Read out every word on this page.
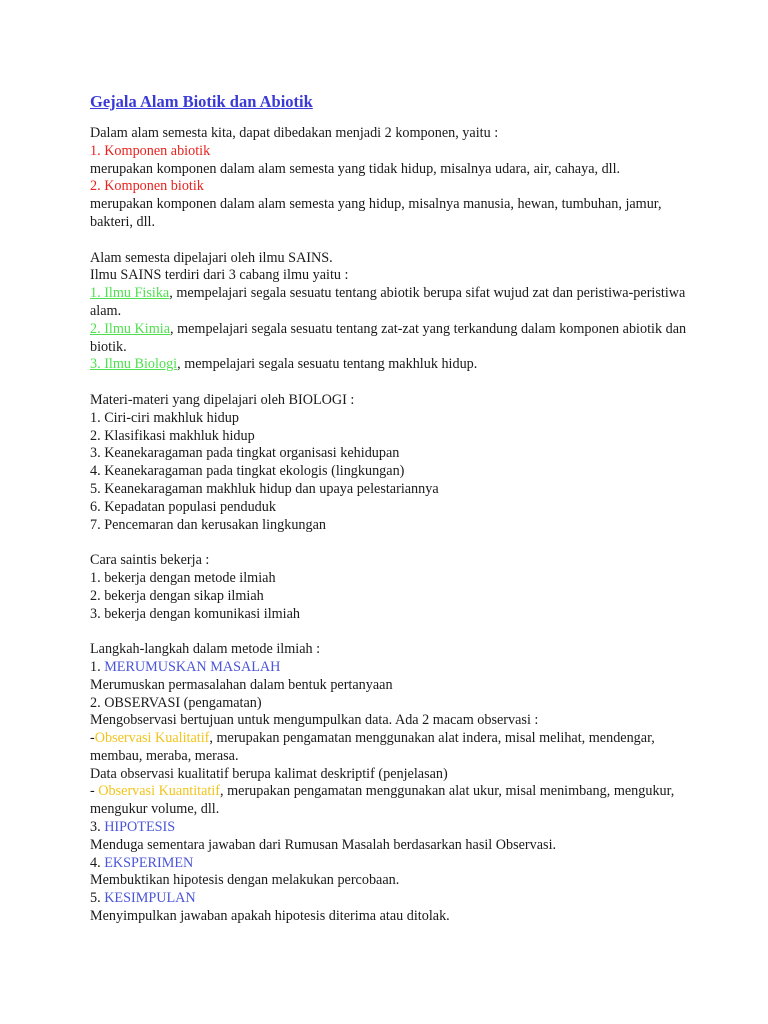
Gejala Alam Biotik dan Abiotik
Dalam alam semesta kita, dapat dibedakan menjadi 2 komponen, yaitu :
1. Komponen abiotik
merupakan komponen dalam alam semesta yang tidak hidup, misalnya udara, air, cahaya, dll.
2. Komponen biotik
merupakan komponen dalam alam semesta yang hidup, misalnya manusia, hewan, tumbuhan, jamur, bakteri, dll.
Alam semesta dipelajari oleh ilmu SAINS.
Ilmu SAINS terdiri dari 3 cabang ilmu yaitu :
1. Ilmu Fisika, mempelajari segala sesuatu tentang abiotik berupa sifat wujud zat dan peristiwa-peristiwa alam.
2. Ilmu Kimia, mempelajari segala sesuatu tentang zat-zat yang terkandung dalam komponen abiotik dan biotik.
3. Ilmu Biologi, mempelajari segala sesuatu tentang makhluk hidup.
Materi-materi yang dipelajari oleh BIOLOGI :
1. Ciri-ciri makhluk hidup
2. Klasifikasi makhluk hidup
3. Keanekaragaman pada tingkat organisasi kehidupan
4. Keanekaragaman pada tingkat ekologis (lingkungan)
5. Keanekaragaman makhluk hidup dan upaya pelestariannya
6. Kepadatan populasi penduduk
7. Pencemaran dan kerusakan lingkungan
Cara saintis bekerja :
1. bekerja dengan metode ilmiah
2. bekerja dengan sikap ilmiah
3. bekerja dengan komunikasi ilmiah
Langkah-langkah dalam metode ilmiah :
1. MERUMUSKAN MASALAH
Merumuskan permasalahan dalam bentuk pertanyaan
2. OBSERVASI (pengamatan)
Mengobservasi bertujuan untuk mengumpulkan data. Ada 2 macam observasi :
-Observasi Kualitatif, merupakan pengamatan menggunakan alat indera, misal melihat, mendengar, membau, meraba, merasa.
Data observasi kualitatif berupa kalimat deskriptif (penjelasan)
- Observasi Kuantitatif, merupakan pengamatan menggunakan alat ukur, misal menimbang, mengukur, mengukur volume, dll.
3. HIPOTESIS
Menduga sementara jawaban dari Rumusan Masalah berdasarkan hasil Observasi.
4. EKSPERIMEN
Membuktikan hipotesis dengan melakukan percobaan.
5. KESIMPULAN
Menyimpulkan jawaban apakah hipotesis diterima atau ditolak.
